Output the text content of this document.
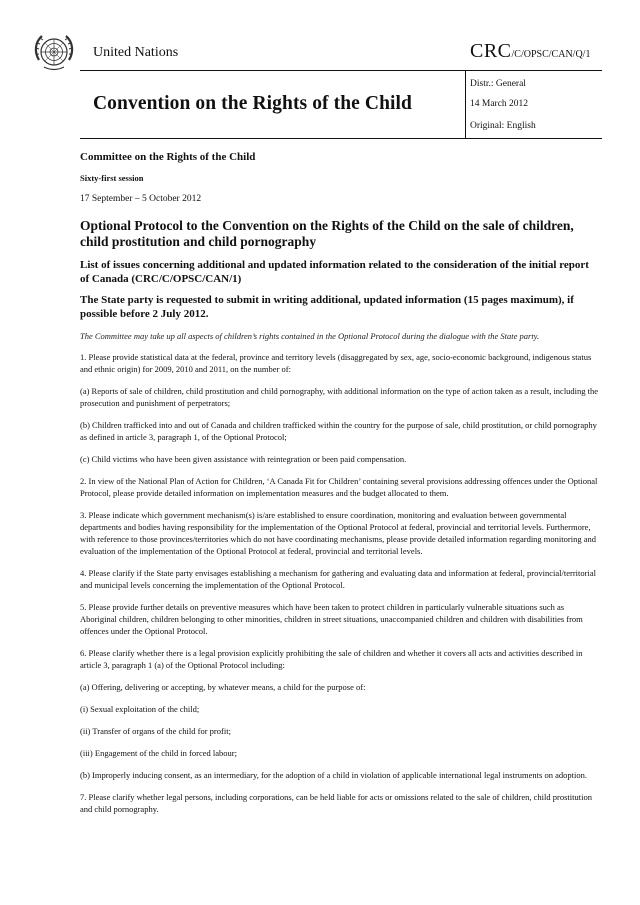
United Nations	CRC/C/OPSC/CAN/Q/1
Convention on the Rights of the Child
Distr.: General
14 March 2012
Original: English

Committee on the Rights of the Child

Sixty-first session

17 September – 5 October 2012

Optional Protocol to the Convention on the Rights of the Child on the sale of children, child prostitution and child pornography

List of issues concerning additional and updated information related to the consideration of the initial report of Canada (CRC/C/OPSC/CAN/1)

The State party is requested to submit in writing additional, updated information (15 pages maximum), if possible before 2 July 2012.

The Committee may take up all aspects of children’s rights contained in the Optional Protocol during the dialogue with the State party.

1. Please provide statistical data at the federal, province and territory levels (disaggregated by sex, age, socio-economic background, indigenous status and ethnic origin) for 2009, 2010 and 2011, on the number of:

(a) Reports of sale of children, child prostitution and child pornography, with additional information on the type of action taken as a result, including the prosecution and punishment of perpetrators;

(b) Children trafficked into and out of Canada and children trafficked within the country for the purpose of sale, child prostitution, or child pornography as defined in article 3, paragraph 1, of the Optional Protocol;

(c) Child victims who have been given assistance with reintegration or been paid compensation.

2. In view of the National Plan of Action for Children, ‘A Canada Fit for Children’ containing several provisions addressing offences under the Optional Protocol, please provide detailed information on implementation measures and the budget allocated to them.

3. Please indicate which government mechanism(s) is/are established to ensure coordination, monitoring and evaluation between governmental departments and bodies having responsibility for the implementation of the Optional Protocol at federal, provincial and territorial levels. Furthermore, with reference to those provinces/territories which do not have coordinating mechanisms, please provide detailed information regarding monitoring and evaluation of the implementation of the Optional Protocol at federal, provincial and territorial levels.

4. Please clarify if the State party envisages establishing a mechanism for gathering and evaluating data and information at federal, provincial/territorial and municipal levels concerning the implementation of the Optional Protocol.

5. Please provide further details on preventive measures which have been taken to protect children in particularly vulnerable situations such as Aboriginal children, children belonging to other minorities, children in street situations, unaccompanied children and children with disabilities from offences under the Optional Protocol.

6. Please clarify whether there is a legal provision explicitly prohibiting the sale of children and whether it covers all acts and activities described in article 3, paragraph 1 (a) of the Optional Protocol including:

(a) Offering, delivering or accepting, by whatever means, a child for the purpose of:

(i) Sexual exploitation of the child;

(ii) Transfer of organs of the child for profit;

(iii) Engagement of the child in forced labour;

(b) Improperly inducing consent, as an intermediary, for the adoption of a child in violation of applicable international legal instruments on adoption.

7. Please clarify whether legal persons, including corporations, can be held liable for acts or omissions related to the sale of children, child prostitution and child pornography.
